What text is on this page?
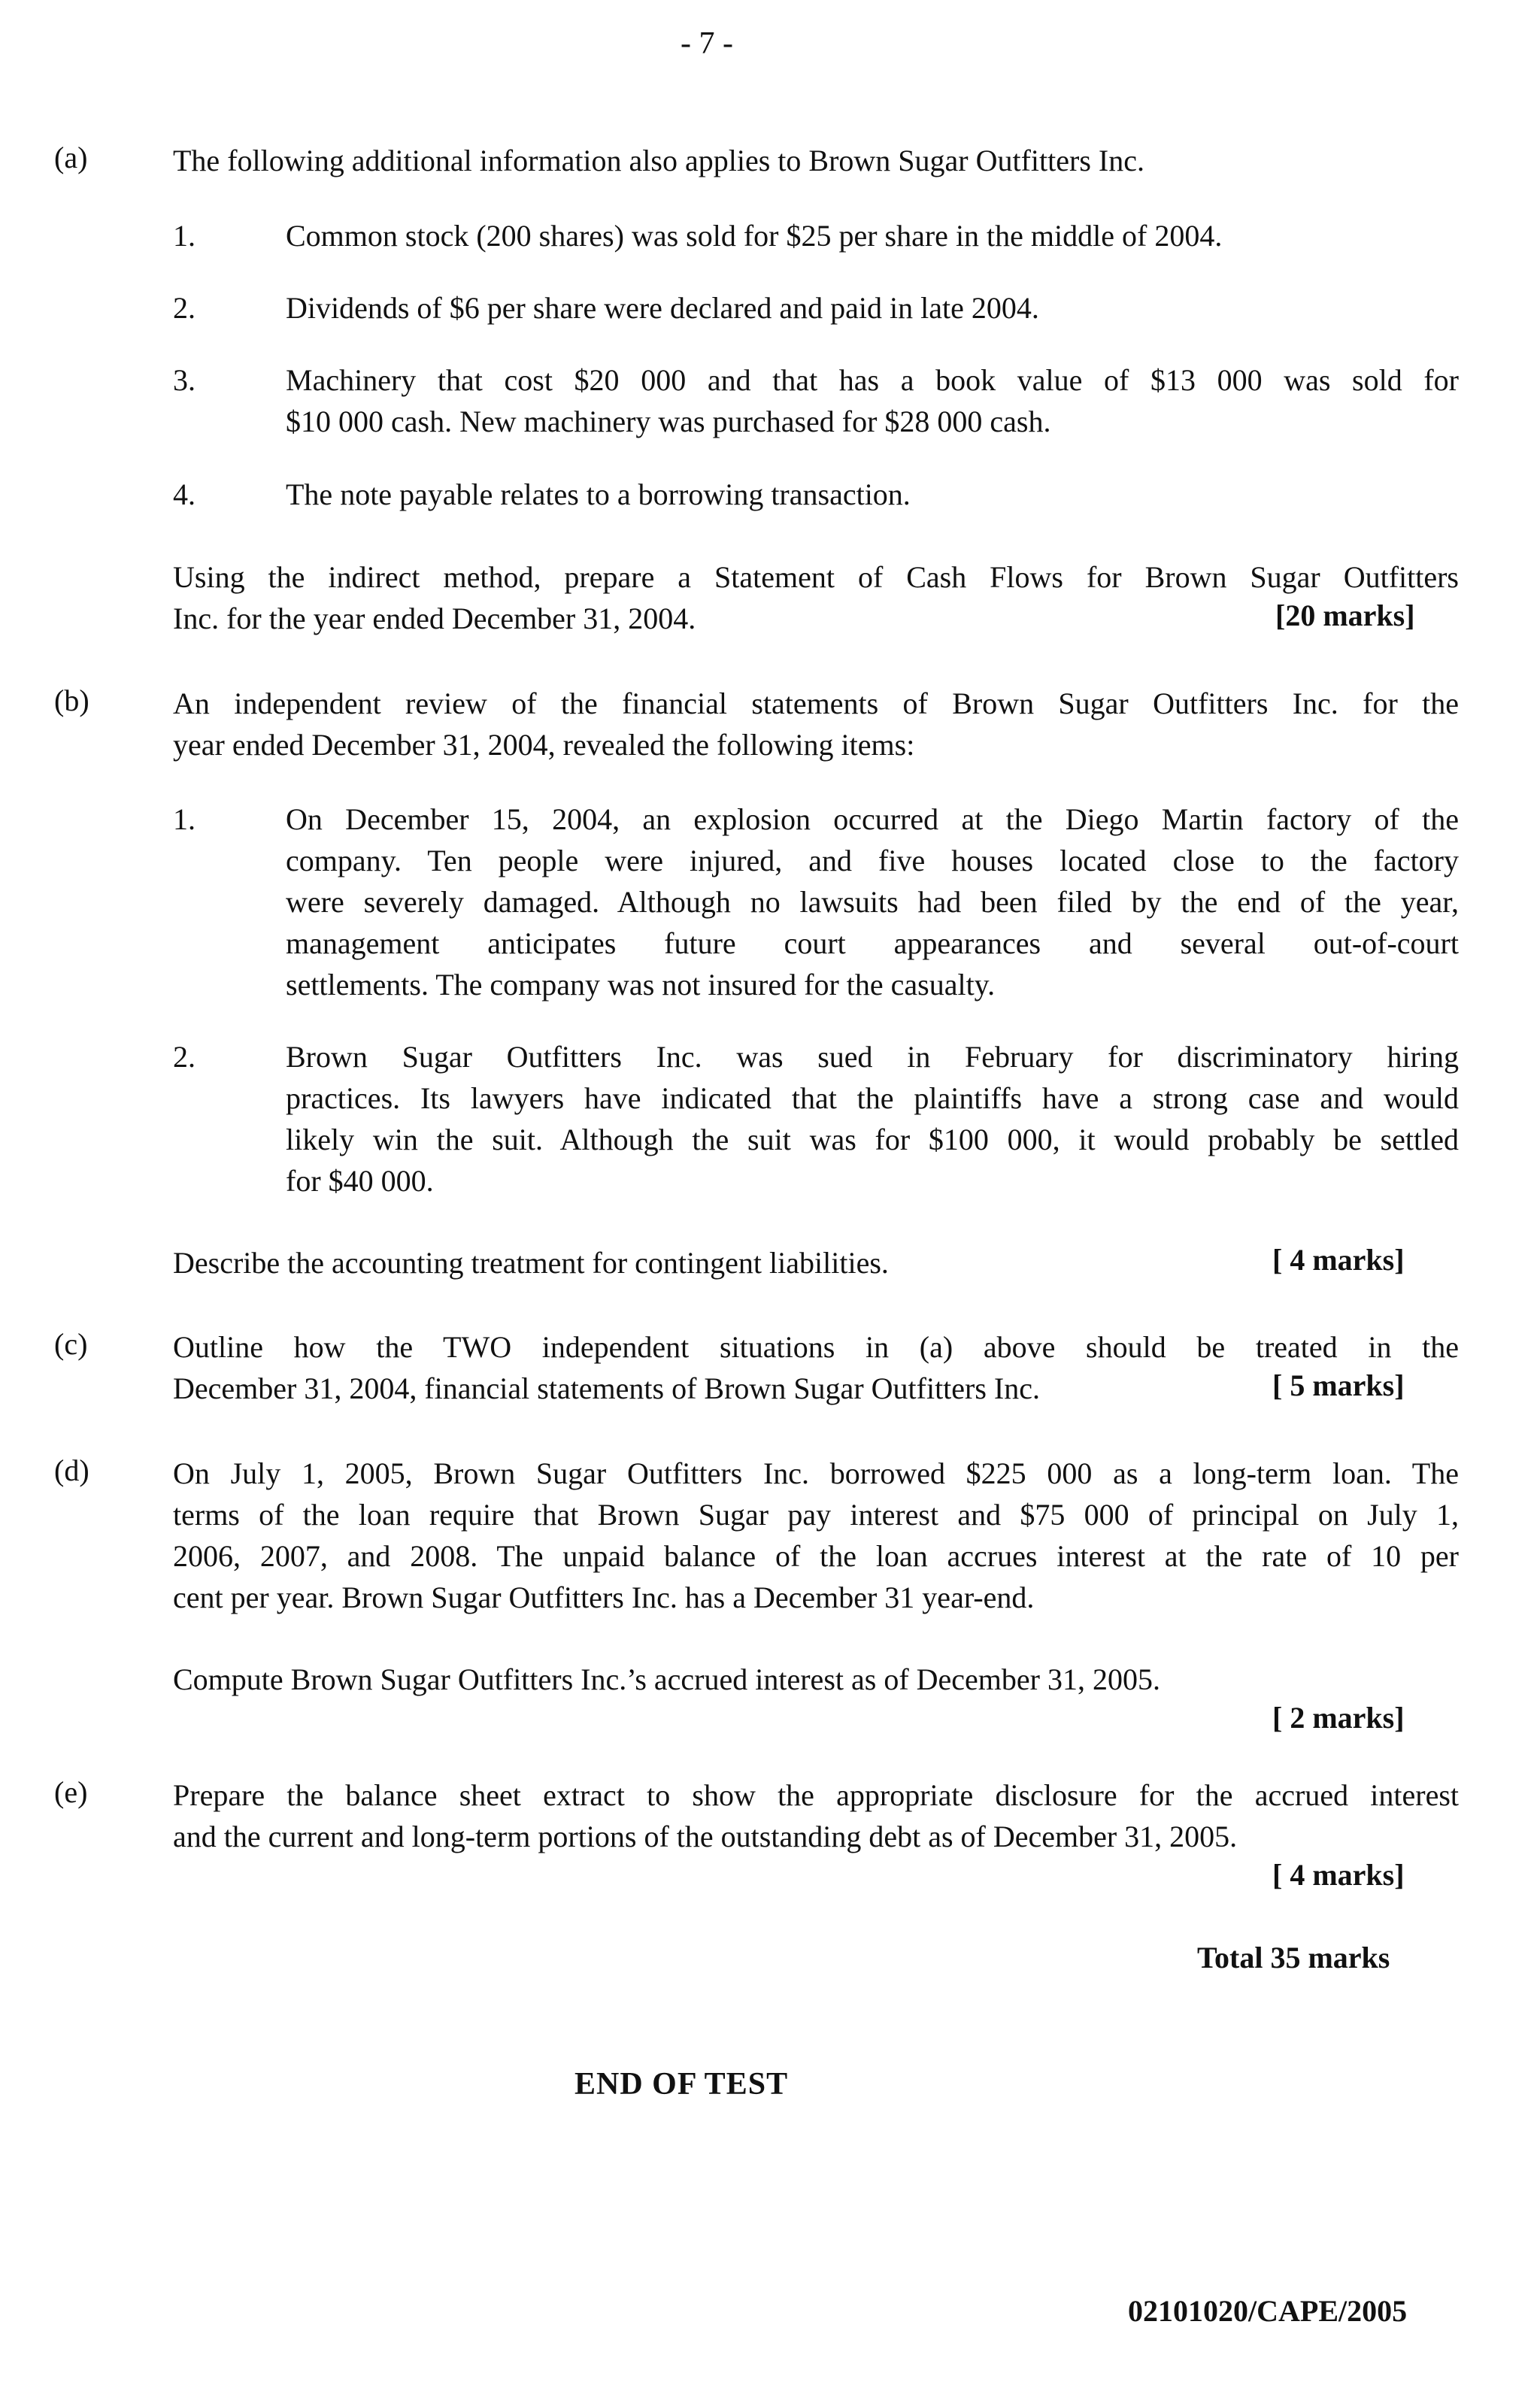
- 7 -
(a)	The following additional information also applies to Brown Sugar Outfitters Inc.
1.	Common stock (200 shares) was sold for $25 per share in the middle of 2004.
2.	Dividends of $6 per share were declared and paid in late 2004.
3.	Machinery that cost $20 000 and that has a book value of $13 000 was sold for
$10 000 cash. New machinery was purchased for $28 000 cash.
4.	The note payable relates to a borrowing transaction.
Using the indirect method, prepare a Statement of Cash Flows for Brown Sugar Outfitters
Inc. for the year ended December 31, 2004.	[20 marks]
(b)	An independent review of the financial statements of Brown Sugar Outfitters Inc. for the
year ended December 31, 2004, revealed the following items:
1.	On December 15, 2004, an explosion occurred at the Diego Martin factory of the
company. Ten people were injured, and five houses located close to the factory
were severely damaged. Although no lawsuits had been filed by the end of the year,
management anticipates future court appearances and several out-of-court
settlements. The company was not insured for the casualty.
2.	Brown Sugar Outfitters Inc. was sued in February for discriminatory hiring
practices. Its lawyers have indicated that the plaintiffs have a strong case and would
likely win the suit. Although the suit was for $100 000, it would probably be settled
for $40 000.
Describe the accounting treatment for contingent liabilities.	[ 4 marks]
(c)	Outline how the TWO independent situations in (a) above should be treated in the
December 31, 2004, financial statements of Brown Sugar Outfitters Inc.	[ 5 marks]
(d)	On July 1, 2005, Brown Sugar Outfitters Inc. borrowed $225 000 as a long-term loan. The
terms of the loan require that Brown Sugar pay interest and $75 000 of principal on July 1,
2006, 2007, and 2008. The unpaid balance of the loan accrues interest at the rate of 10 per
cent per year. Brown Sugar Outfitters Inc. has a December 31 year-end.
Compute Brown Sugar Outfitters Inc.’s accrued interest as of December 31, 2005.
[ 2 marks]
(e)	Prepare the balance sheet extract to show the appropriate disclosure for the accrued interest
and the current and long-term portions of the outstanding debt as of December 31, 2005.
[ 4 marks]
Total 35 marks
END OF TEST
02101020/CAPE/2005
